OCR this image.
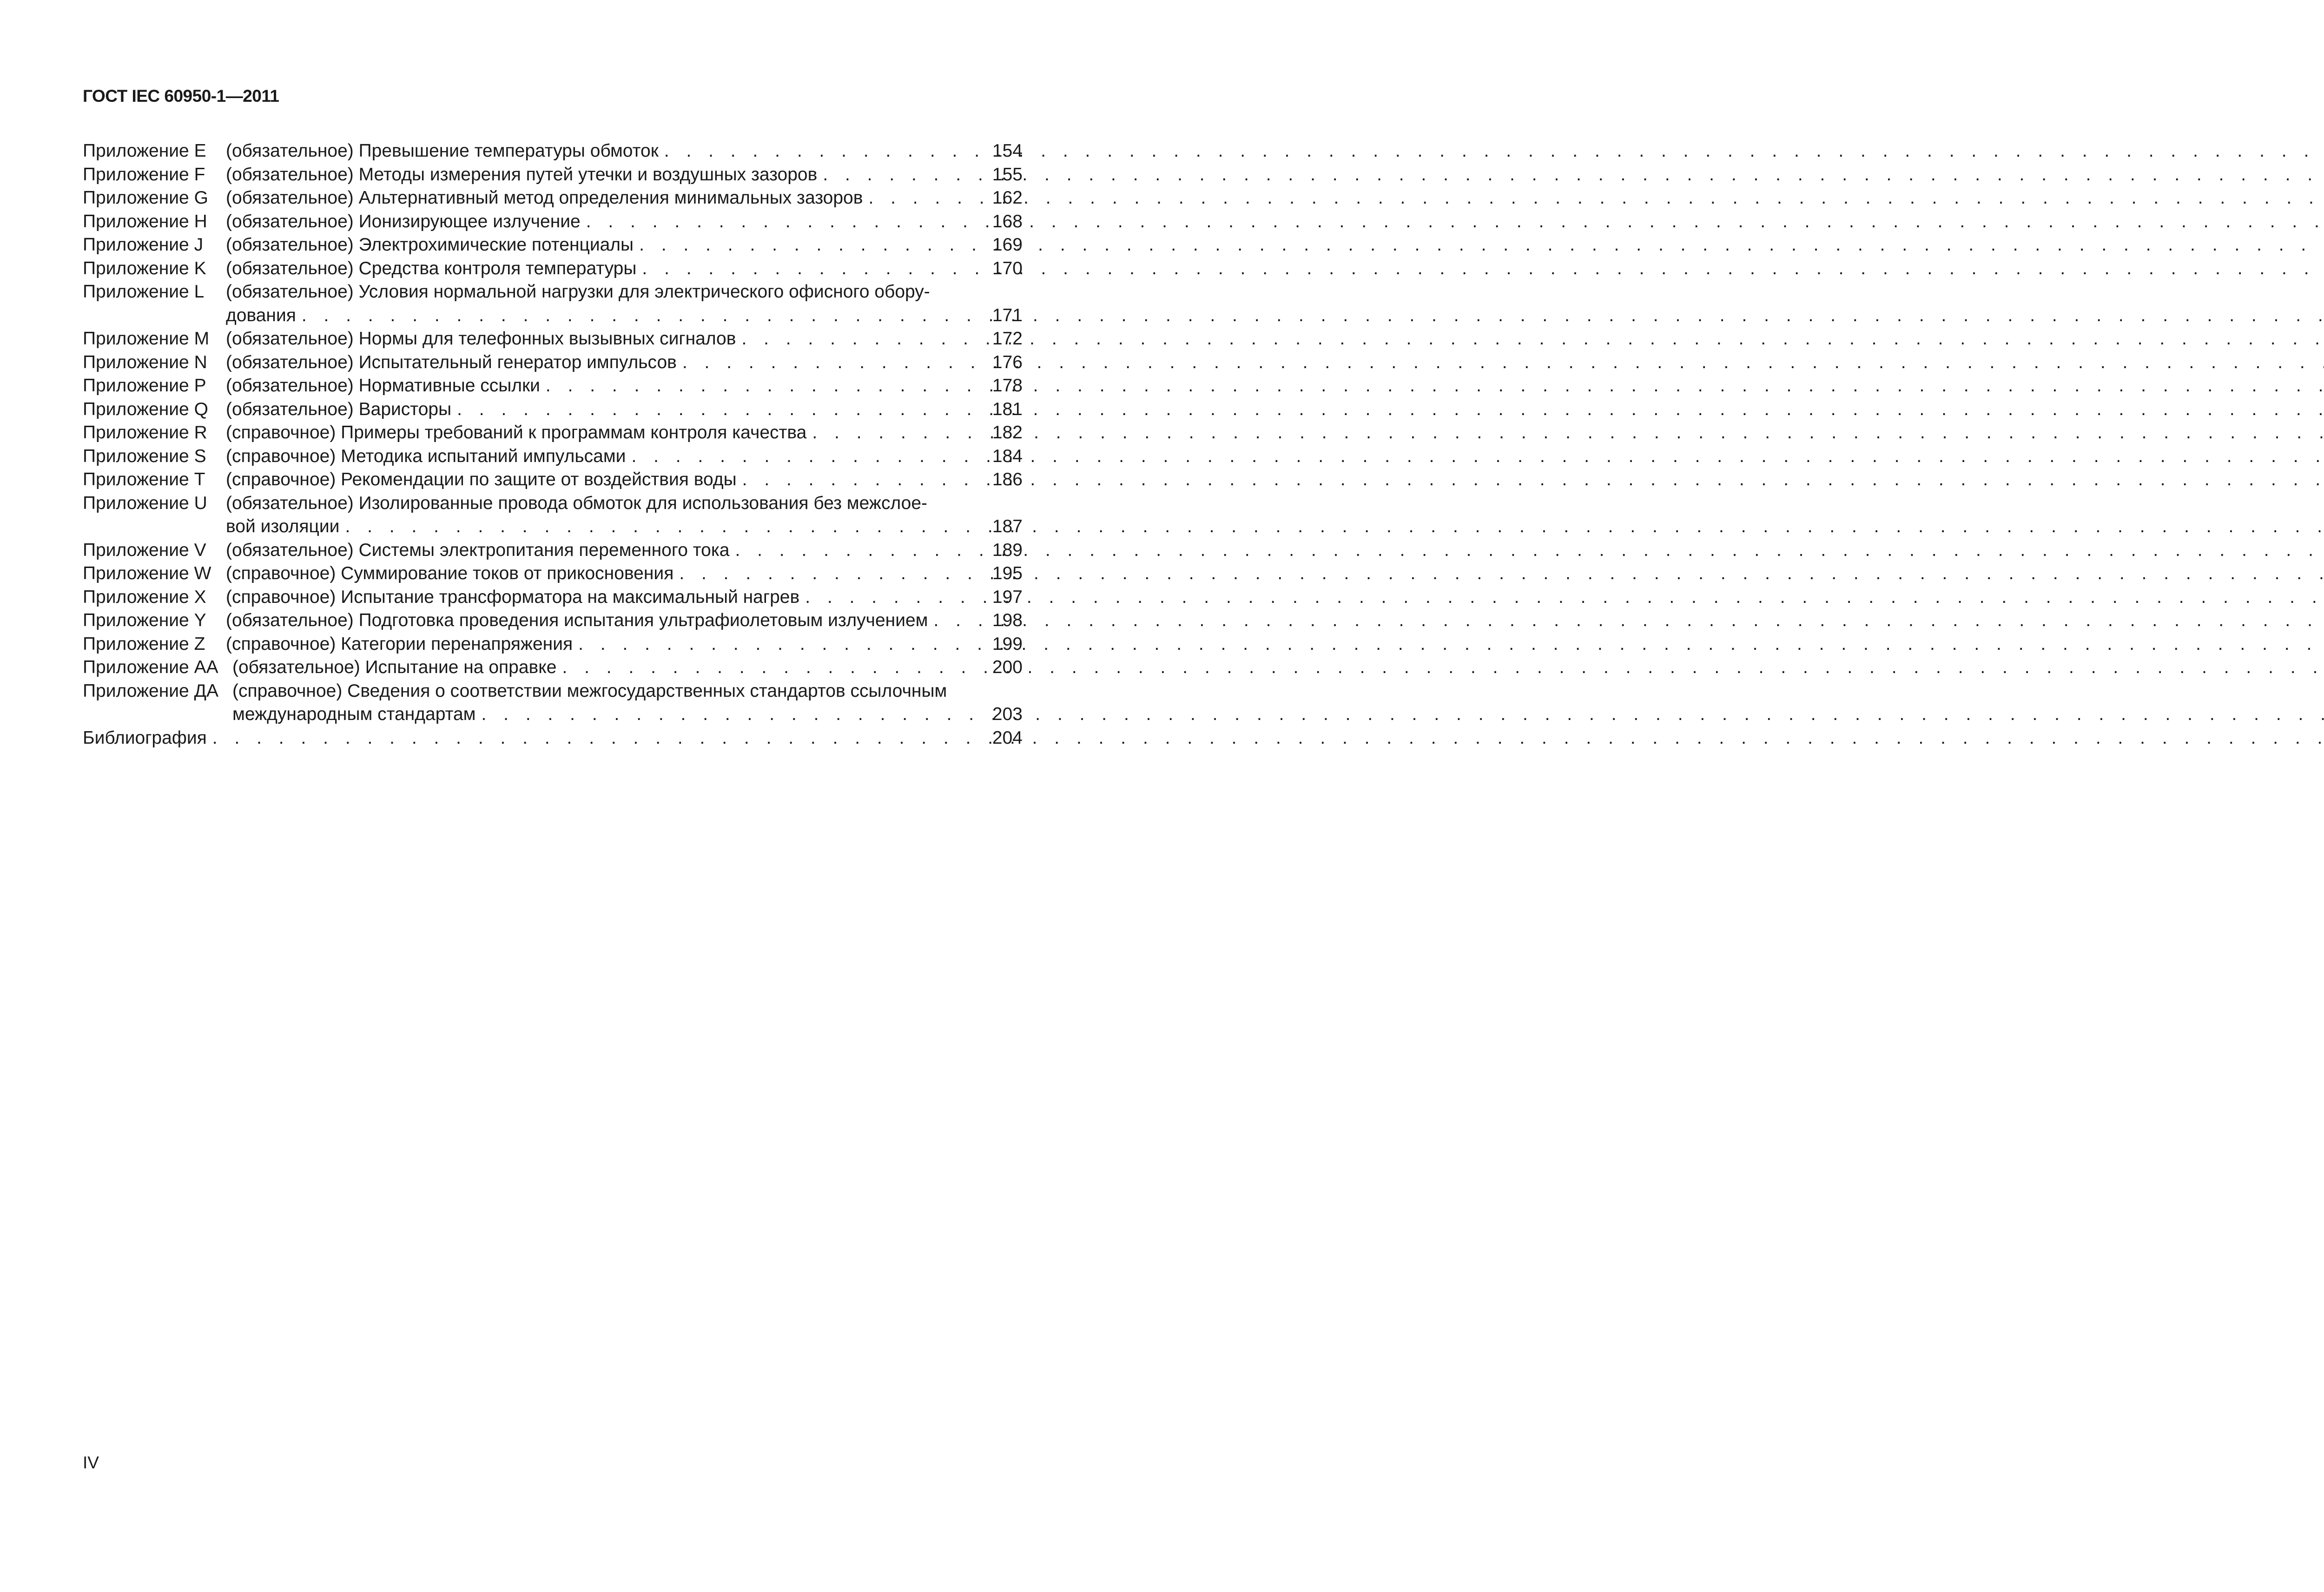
ГОСТ IEC 60950-1—2011
Приложение E (обязательное) Превышение температуры обмоток . . .	154
Приложение F (обязательное) Методы измерения путей утечки и воздушных зазоров . . .	155
Приложение G (обязательное) Альтернативный метод определения минимальных зазоров . . .	162
Приложение H (обязательное) Ионизирующее излучение . . .	168
Приложение J (обязательное) Электрохимические потенциалы . . .	169
Приложение K (обязательное) Средства контроля температуры . . .	170
Приложение L (обязательное) Условия нормальной нагрузки для электрического офисного обору-
дования . . .	171
Приложение M (обязательное) Нормы для телефонных вызывных сигналов . . .	172
Приложение N (обязательное) Испытательный генератор импульсов . . .	176
Приложение P (обязательное) Нормативные ссылки . . .	178
Приложение Q (обязательное) Варисторы . . .	181
Приложение R (справочное) Примеры требований к программам контроля качества . . .	182
Приложение S (справочное) Методика испытаний импульсами . . .	184
Приложение T (справочное) Рекомендации по защите от воздействия воды . . .	186
Приложение U (обязательное) Изолированные провода обмоток для использования без межслое-
вой изоляции . . .	187
Приложение V (обязательное) Системы электропитания переменного тока . . .	189
Приложение W (справочное) Суммирование токов от прикосновения . . .	195
Приложение X (справочное) Испытание трансформатора на максимальный нагрев . . .	197
Приложение Y (обязательное) Подготовка проведения испытания ультрафиолетовым излучением . . .	198
Приложение Z (справочное) Категории перенапряжения . . .	199
Приложение AA (обязательное) Испытание на оправке . . .	200
Приложение ДА (справочное) Сведения о соответствии межгосударственных стандартов ссылочным
международным стандартам . . .	203
Библиография . . .	204
IV
